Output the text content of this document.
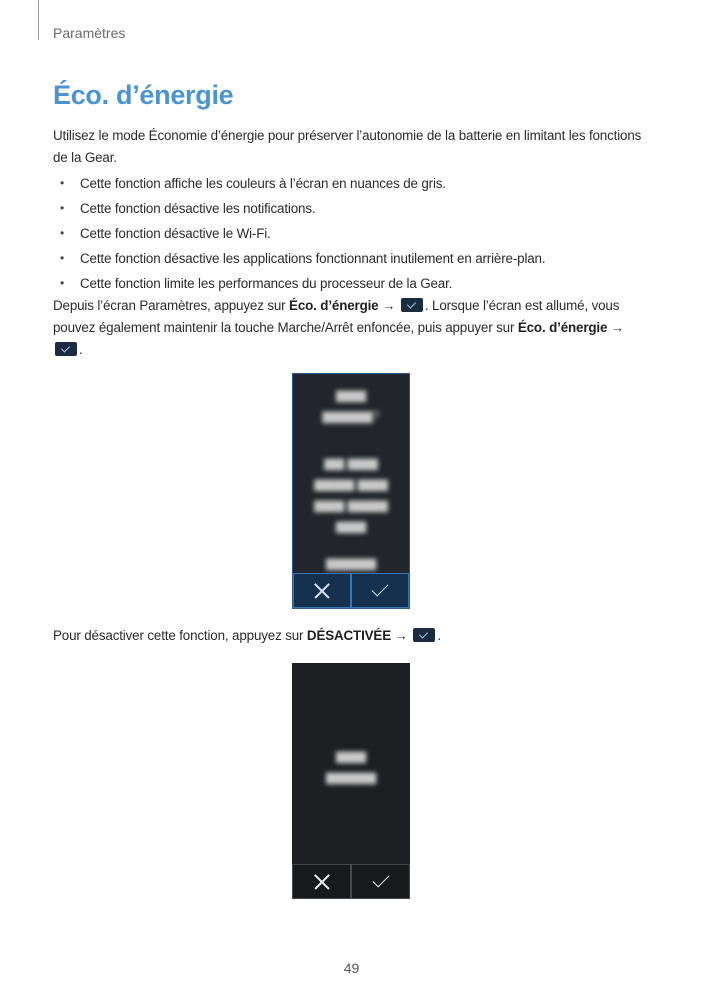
Paramètres
Éco. d’énergie

Utilisez le mode Économie d’énergie pour préserver l’autonomie de la batterie en limitant les fonctions de la Gear.

• Cette fonction affiche les couleurs à l’écran en nuances de gris.
• Cette fonction désactive les notifications.
• Cette fonction désactive le Wi-Fi.
• Cette fonction désactive les applications fonctionnant inutilement en arrière-plan.
• Cette fonction limite les performances du processeur de la Gear.

Depuis l’écran Paramètres, appuyez sur Éco. d’énergie → . Lorsque l’écran est allumé, vous pouvez également maintenir la touche Marche/Arrêt enfoncée, puis appuyer sur Éco. d’énergie →
.

▆▆▆
▆▆▆▆▆?
▆▆ ▆▆▆
▆▆▆▆ ▆▆▆
▆▆▆ ▆▆▆▆
▆▆▆
▆▆▆▆▆

Pour désactiver cette fonction, appuyez sur DÉSACTIVÉE → .

▆▆▆
▆▆▆▆▆
49
